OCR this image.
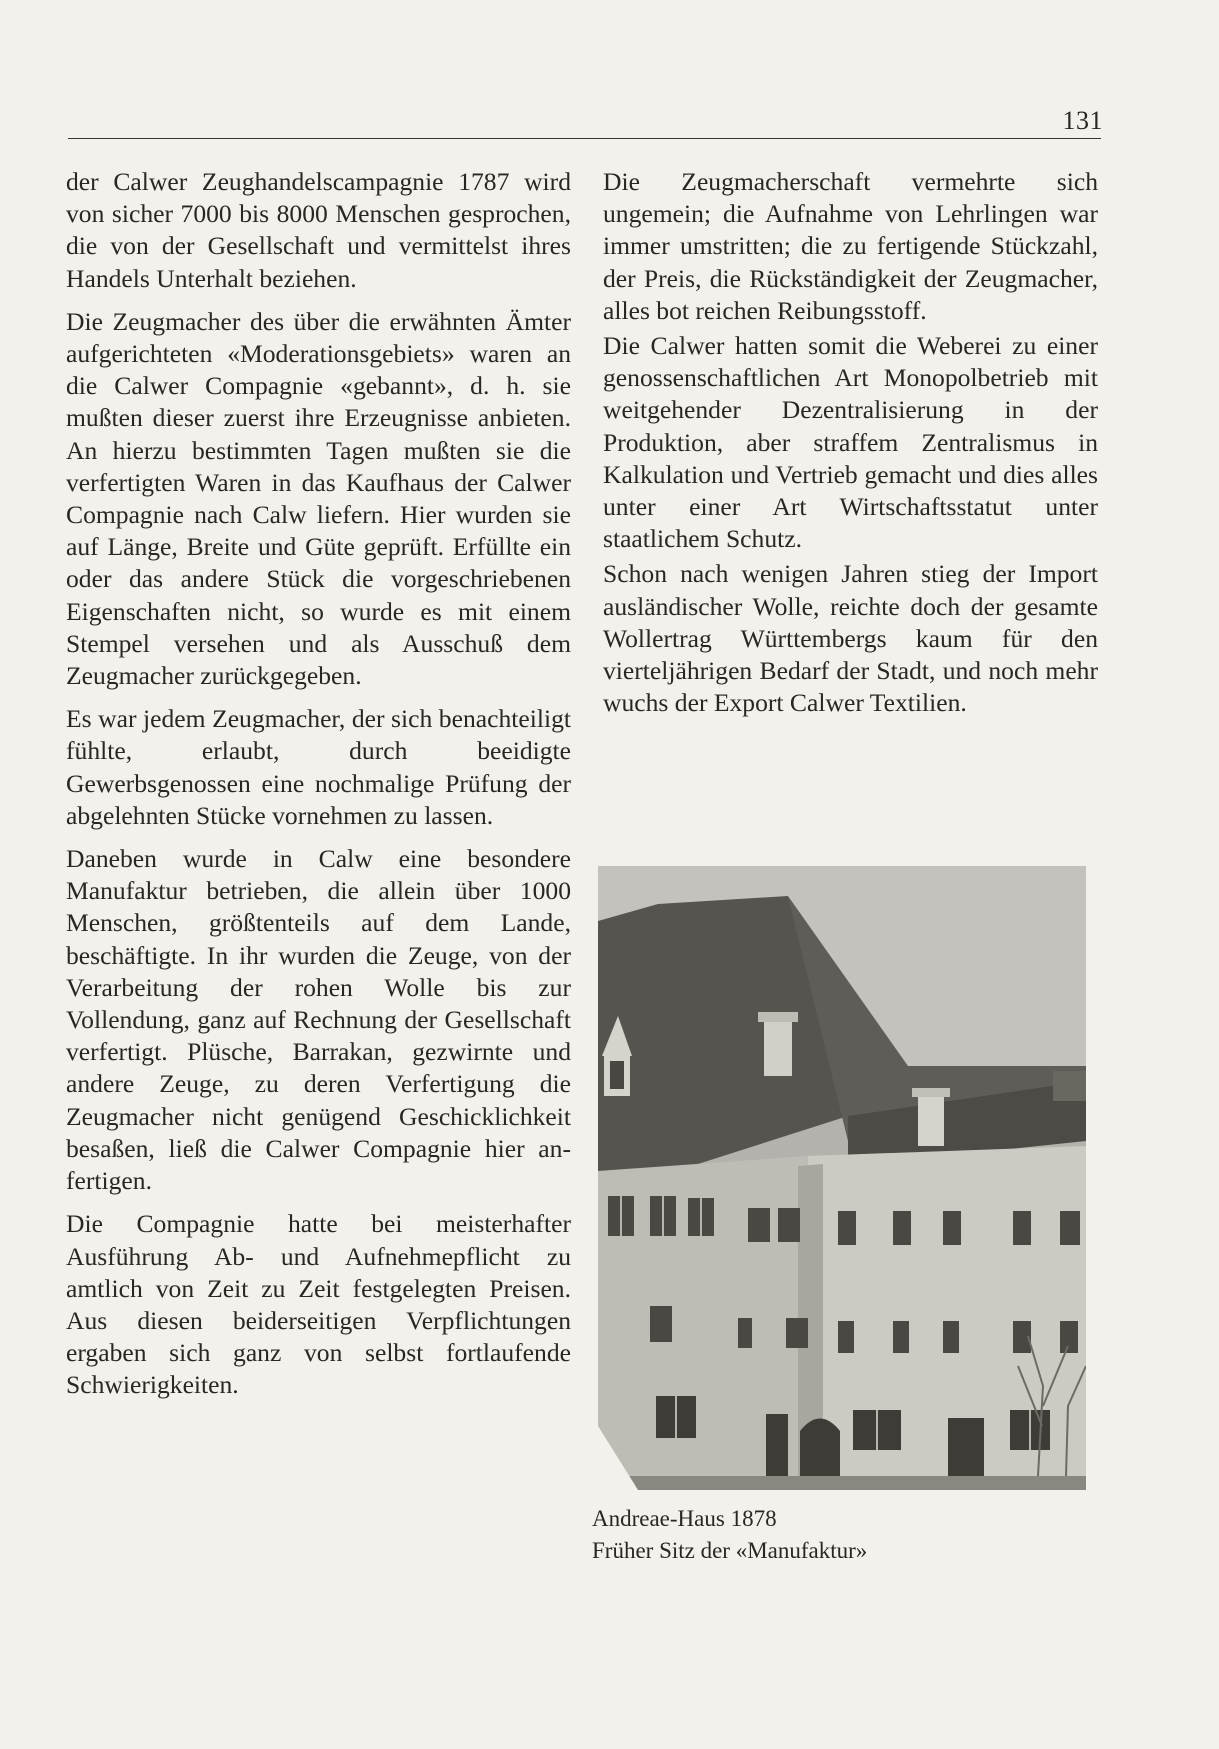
131

der Calwer Zeughandelscampagnie 1787 wird von sicher 7000 bis 8000 Menschen gesprochen, die von der Gesellschaft und vermittelst ihres Handels Unterhalt beziehen.

Die Zeugmacher des über die erwähnten Ämter aufgerichteten «Moderationsgebiets» waren an die Calwer Compagnie «gebannt», d. h. sie mußten dieser zuerst ihre Erzeugnisse anbieten. An hierzu bestimmten Tagen mußten sie die verfertigten Waren in das Kaufhaus der Calwer Compagnie nach Calw liefern. Hier wurden sie auf Länge, Breite und Güte geprüft. Erfüllte ein oder das andere Stück die vorgeschriebenen Eigenschaften nicht, so wurde es mit einem Stempel versehen und als Ausschuß dem Zeugmacher zurückgegeben.

Es war jedem Zeugmacher, der sich benachteiligt fühlte, erlaubt, durch beeidigte Gewerbsgenossen eine nochmalige Prüfung der abgelehnten Stücke vornehmen zu lassen.

Daneben wurde in Calw eine besondere Manufaktur betrieben, die allein über 1000 Menschen, größtenteils auf dem Lande, beschäftigte. In ihr wurden die Zeuge, von der Verarbeitung der rohen Wolle bis zur Vollendung, ganz auf Rechnung der Gesellschaft verfertigt. Plüsche, Barrakan, gezwirnte und andere Zeuge, zu deren Verfertigung die Zeugmacher nicht genügend Geschicklichkeit besaßen, ließ die Calwer Compagnie hier anfertigen.

Die Compagnie hatte bei meisterhafter Ausführung Ab- und Aufnehmepflicht zu amtlich von Zeit zu Zeit festgelegten Preisen. Aus diesen beiderseitigen Verpflichtungen ergaben sich ganz von selbst fortlaufende Schwierigkeiten.

Die Zeugmacherschaft vermehrte sich ungemein; die Aufnahme von Lehrlingen war immer umstritten; die zu fertigende Stückzahl, der Preis, die Rückständigkeit der Zeugmacher, alles bot reichen Reibungsstoff.

Die Calwer hatten somit die Weberei zu einer genossenschaftlichen Art Monopolbetrieb mit weitgehender Dezentralisierung in der Produktion, aber straffem Zentralismus in Kalkulation und Vertrieb gemacht und dies alles unter einer Art Wirtschaftsstatut unter staatlichem Schutz.

Schon nach wenigen Jahren stieg der Import ausländischer Wolle, reichte doch der gesamte Wollertrag Württembergs kaum für den vierteljährigen Bedarf der Stadt, und noch mehr wuchs der Export Calwer Textilien.

Andreae-Haus 1878
Früher Sitz der «Manufaktur»
